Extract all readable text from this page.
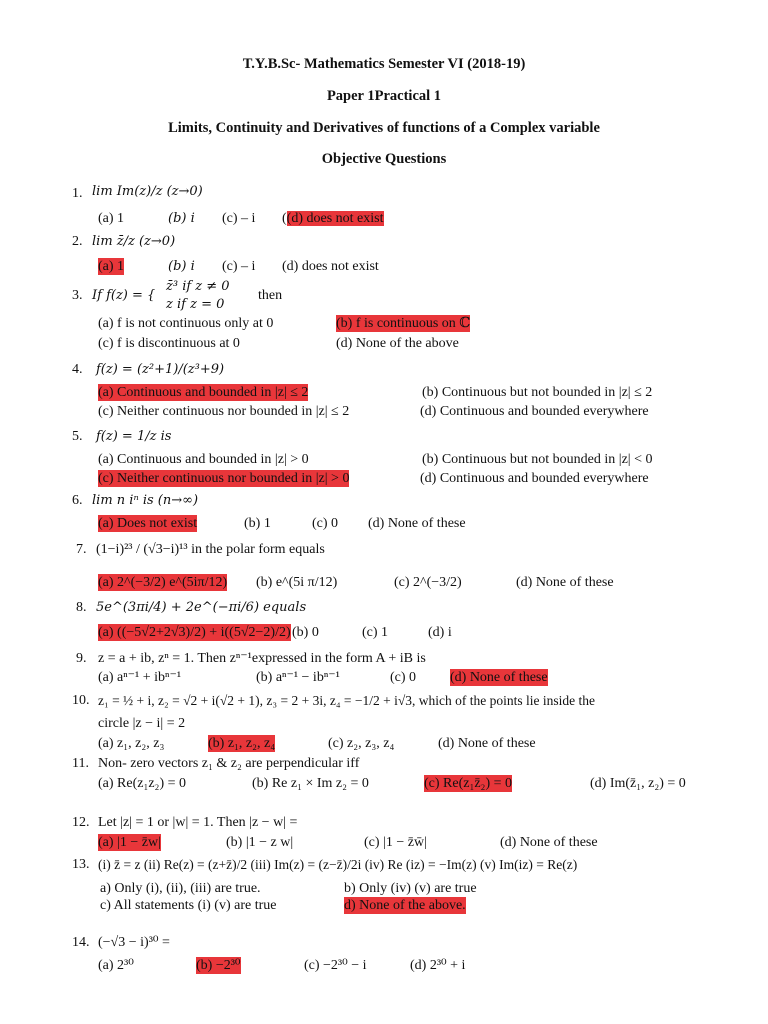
T.Y.B.Sc- Mathematics Semester VI (2018-19)
Paper 1Practical 1
Limits, Continuity and Derivatives of functions of a Complex variable
Objective Questions
1. lim Im(z)/z (z→0)
(a) 1	(b) i (c) – i ((d) does not exist
2. lim z̄/z (z→0)
(a) 1	(b) i (c) – i (d) does not exist
3. If f(z) = {
z̄³ if z ≠ 0
z if z = 0
then
(a) f is not continuous only at 0	(b) f is continuous on ℂ
(c) f is discontinuous at 0	(d) None of the above
4. f(z) = (z²+1)/(z³+9)
(a) Continuous and bounded in |z| ≤ 2	(b) Continuous but not bounded in |z| ≤ 2
(c) Neither continuous nor bounded in |z| ≤ 2	(d) Continuous and bounded everywhere
5. f(z) = 1/z is
(a) Continuous and bounded in |z| > 0	(b) Continuous but not bounded in |z| < 0
(c) Neither continuous nor bounded in |z| > 0	(d) Continuous and bounded everywhere
6. lim n iⁿ is (n→∞)
(a) Does not exist	(b) 1	(c) 0 (d) None of these
7. (1−i)²³ / (√3−i)¹³ in the polar form equals
(a) 2^(−3/2) e^(5iπ/12) (b) e^(5i π/12)	(c) 2^(−3/2)	(d) None of these
8. 5e^(3πi/4) + 2e^(−πi/6) equals
(a) ((−5√2+2√3)/2) + i((5√2−2)/2) (b) 0	(c) 1	(d) i
9. z = a + ib, zⁿ = 1. Then zⁿ⁻¹expressed in the form A + iB is
(a) aⁿ⁻¹ + ibⁿ⁻¹	(b) aⁿ⁻¹ − ibⁿ⁻¹	(c) 0 (d) None of these
10. z₁ = ½ + i, z₂ = √2 + i(√2 + 1), z₃ = 2 + 3i, z₄ = −1/2 + i√3, which of the points lie inside the
circle |z − i| = 2
(a) z₁, z₂, z₃	(b) z₁, z₂, z₄	(c) z₂, z₃, z₄	(d) None of these
11. Non- zero vectors z₁ & z₂ are perpendicular iff
(a) Re(z₁z₂) = 0	(b) Re z₁ × Im z₂ = 0	(c) Re(z₁z̄₂) = 0	(d) Im(z̄₁, z₂) = 0
12. Let |z| = 1 or |w| = 1. Then |z − w| =
(a) |1 − z̄w|	(b) |1 − z w|	(c) |1 − z̄w̄|	(d) None of these
13. (i) z̄ = z (ii) Re(z) = (z+z̄)/2 (iii) Im(z) = (z−z̄)/2i (iv) Re (iz) = −Im(z) (v) Im(iz) = Re(z)
a) Only (i), (ii), (iii) are true.	b) Only (iv) (v) are true
c) All statements (i) (v) are true	d) None of the above.
14. (−√3 − i)³⁰ =
(a) 2³⁰	(b) −2³⁰	(c) −2³⁰ − i	(d) 2³⁰ + i
